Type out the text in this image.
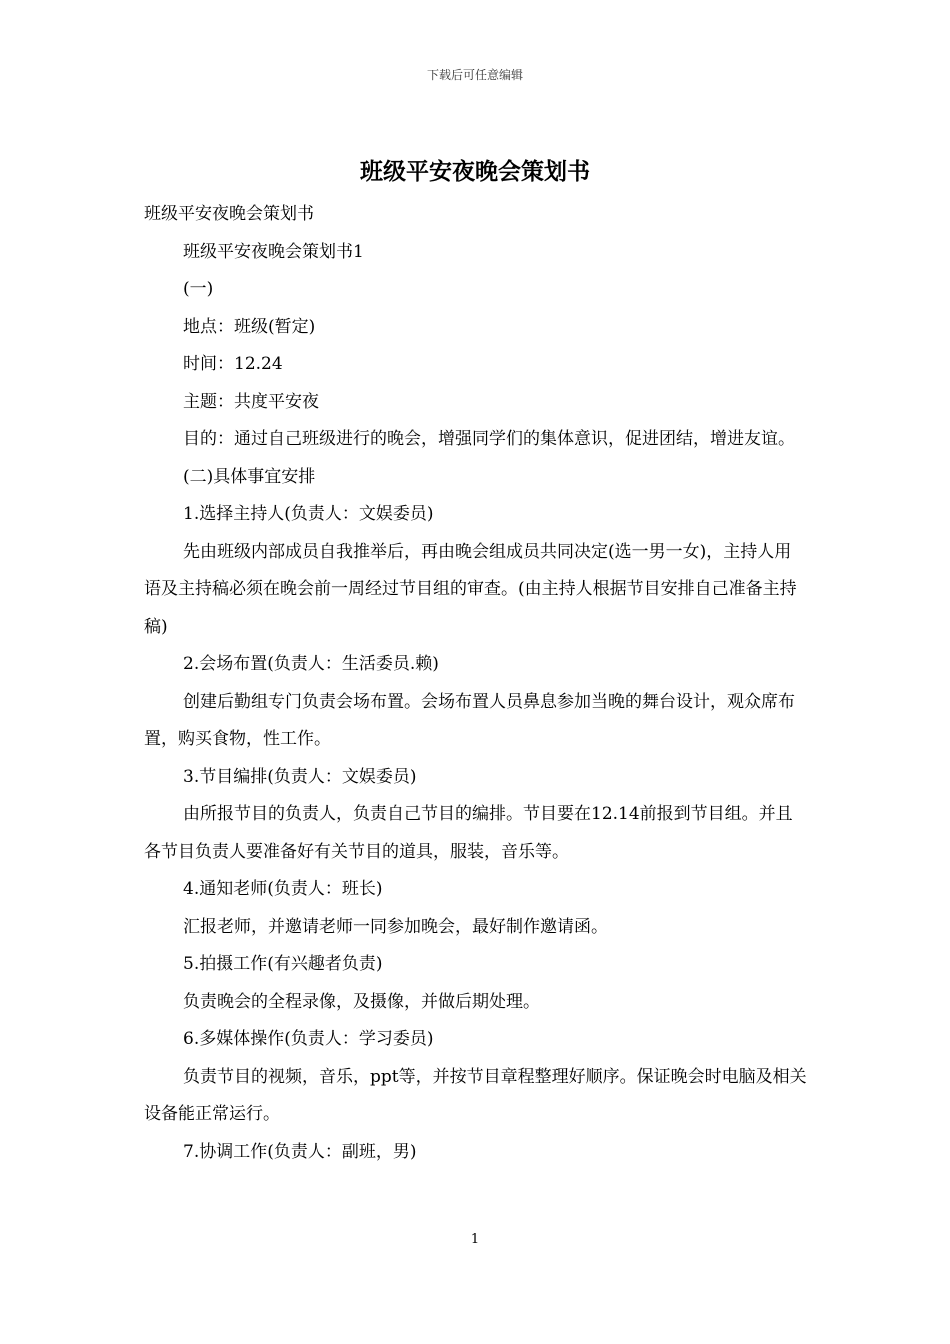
下载后可任意编辑
班级平安夜晚会策划书

班级平安夜晚会策划书

班级平安夜晚会策划书1

(一)

地点：班级(暂定)

时间：12.24

主题：共度平安夜

目的：通过自己班级进行的晚会，增强同学们的集体意识，促进团结，增进友谊。

(二)具体事宜安排

1.选择主持人(负责人：文娱委员)

先由班级内部成员自我推举后，再由晚会组成员共同决定(选一男一女)，主持人用语及主持稿必须在晚会前一周经过节目组的审查。(由主持人根据节目安排自己准备主持稿)

2.会场布置(负责人：生活委员.赖)

创建后勤组专门负责会场布置。会场布置人员鼻息参加当晚的舞台设计，观众席布置，购买食物，性工作。

3.节目编排(负责人：文娱委员)

由所报节目的负责人，负责自己节目的编排。节目要在12.14前报到节目组。并且各节目负责人要准备好有关节目的道具，服装，音乐等。

4.通知老师(负责人：班长)

汇报老师，并邀请老师一同参加晚会，最好制作邀请函。

5.拍摄工作(有兴趣者负责)

负责晚会的全程录像，及摄像，并做后期处理。

6.多媒体操作(负责人：学习委员)

负责节目的视频，音乐，ppt等，并按节目章程整理好顺序。保证晚会时电脑及相关设备能正常运行。

7.协调工作(负责人：副班，男)

1
